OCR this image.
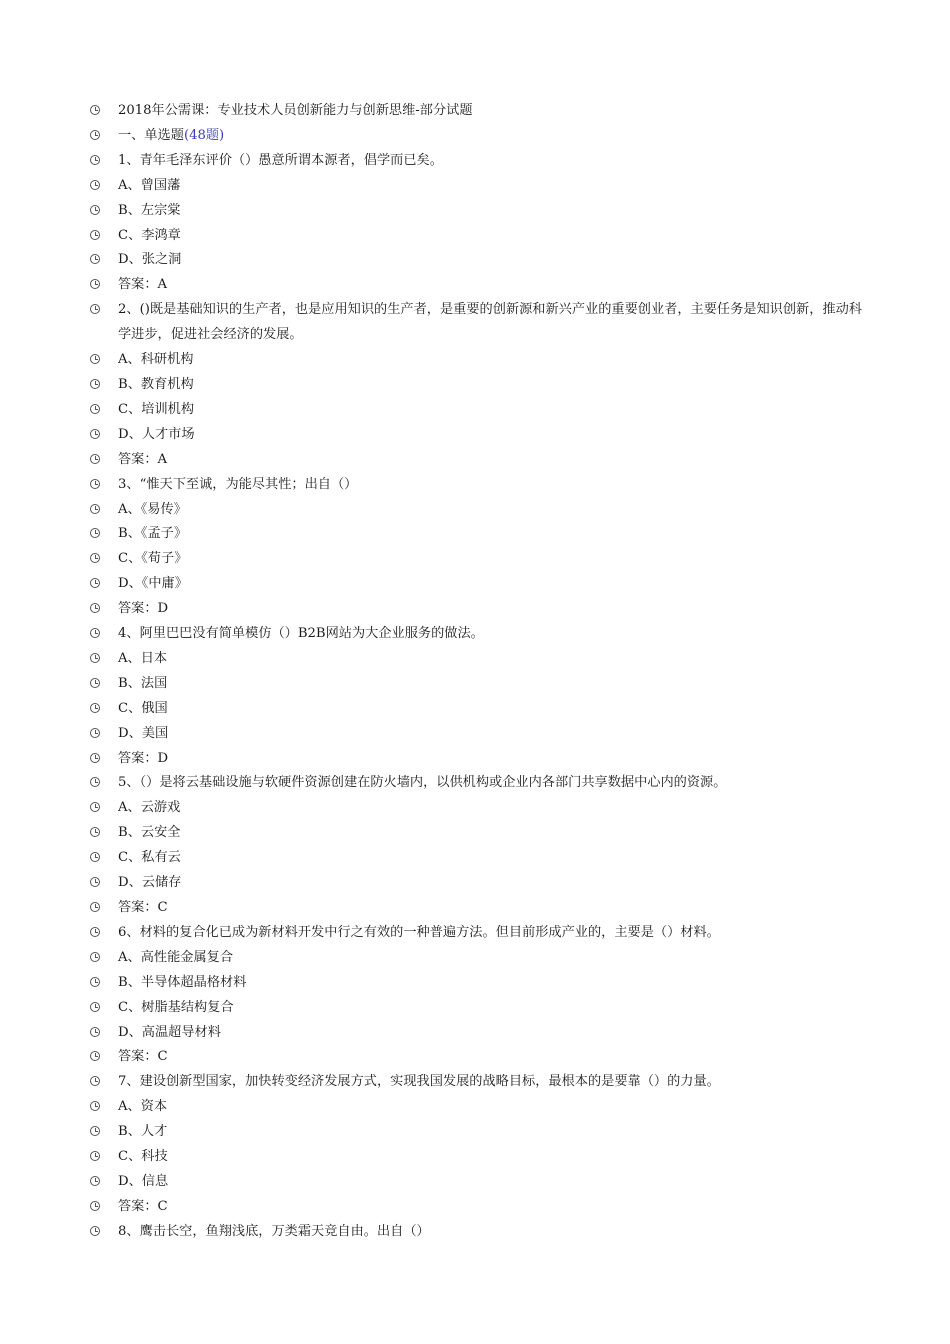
2018年公需课：专业技术人员创新能力与创新思维-部分试题
一、单选题(48题)
1、青年毛泽东评价（）愚意所谓本源者，倡学而已矣。
A、曾国藩
B、左宗棠
C、李鸿章
D、张之洞
答案：A
2、()既是基础知识的生产者，也是应用知识的生产者，是重要的创新源和新兴产业的重要创业者，主要任务是知识创新，推动科学进步，促进社会经济的发展。
A、科研机构
B、教育机构
C、培训机构
D、人才市场
答案：A
3、“惟天下至诚，为能尽其性；出自（）
A、《易传》
B、《孟子》
C、《荀子》
D、《中庸》
答案：D
4、阿里巴巴没有简单模仿（）B2B网站为大企业服务的做法。
A、日本
B、法国
C、俄国
D、美国
答案：D
5、（）是将云基础设施与软硬件资源创建在防火墙内，以供机构或企业内各部门共享数据中心内的资源。
A、云游戏
B、云安全
C、私有云
D、云储存
答案：C
6、材料的复合化已成为新材料开发中行之有效的一种普遍方法。但目前形成产业的，主要是（）材料。
A、高性能金属复合
B、半导体超晶格材料
C、树脂基结构复合
D、高温超导材料
答案：C
7、建设创新型国家，加快转变经济发展方式，实现我国发展的战略目标，最根本的是要靠（）的力量。
A、资本
B、人才
C、科技
D、信息
答案：C
8、鹰击长空，鱼翔浅底，万类霜天竞自由。出自（）
